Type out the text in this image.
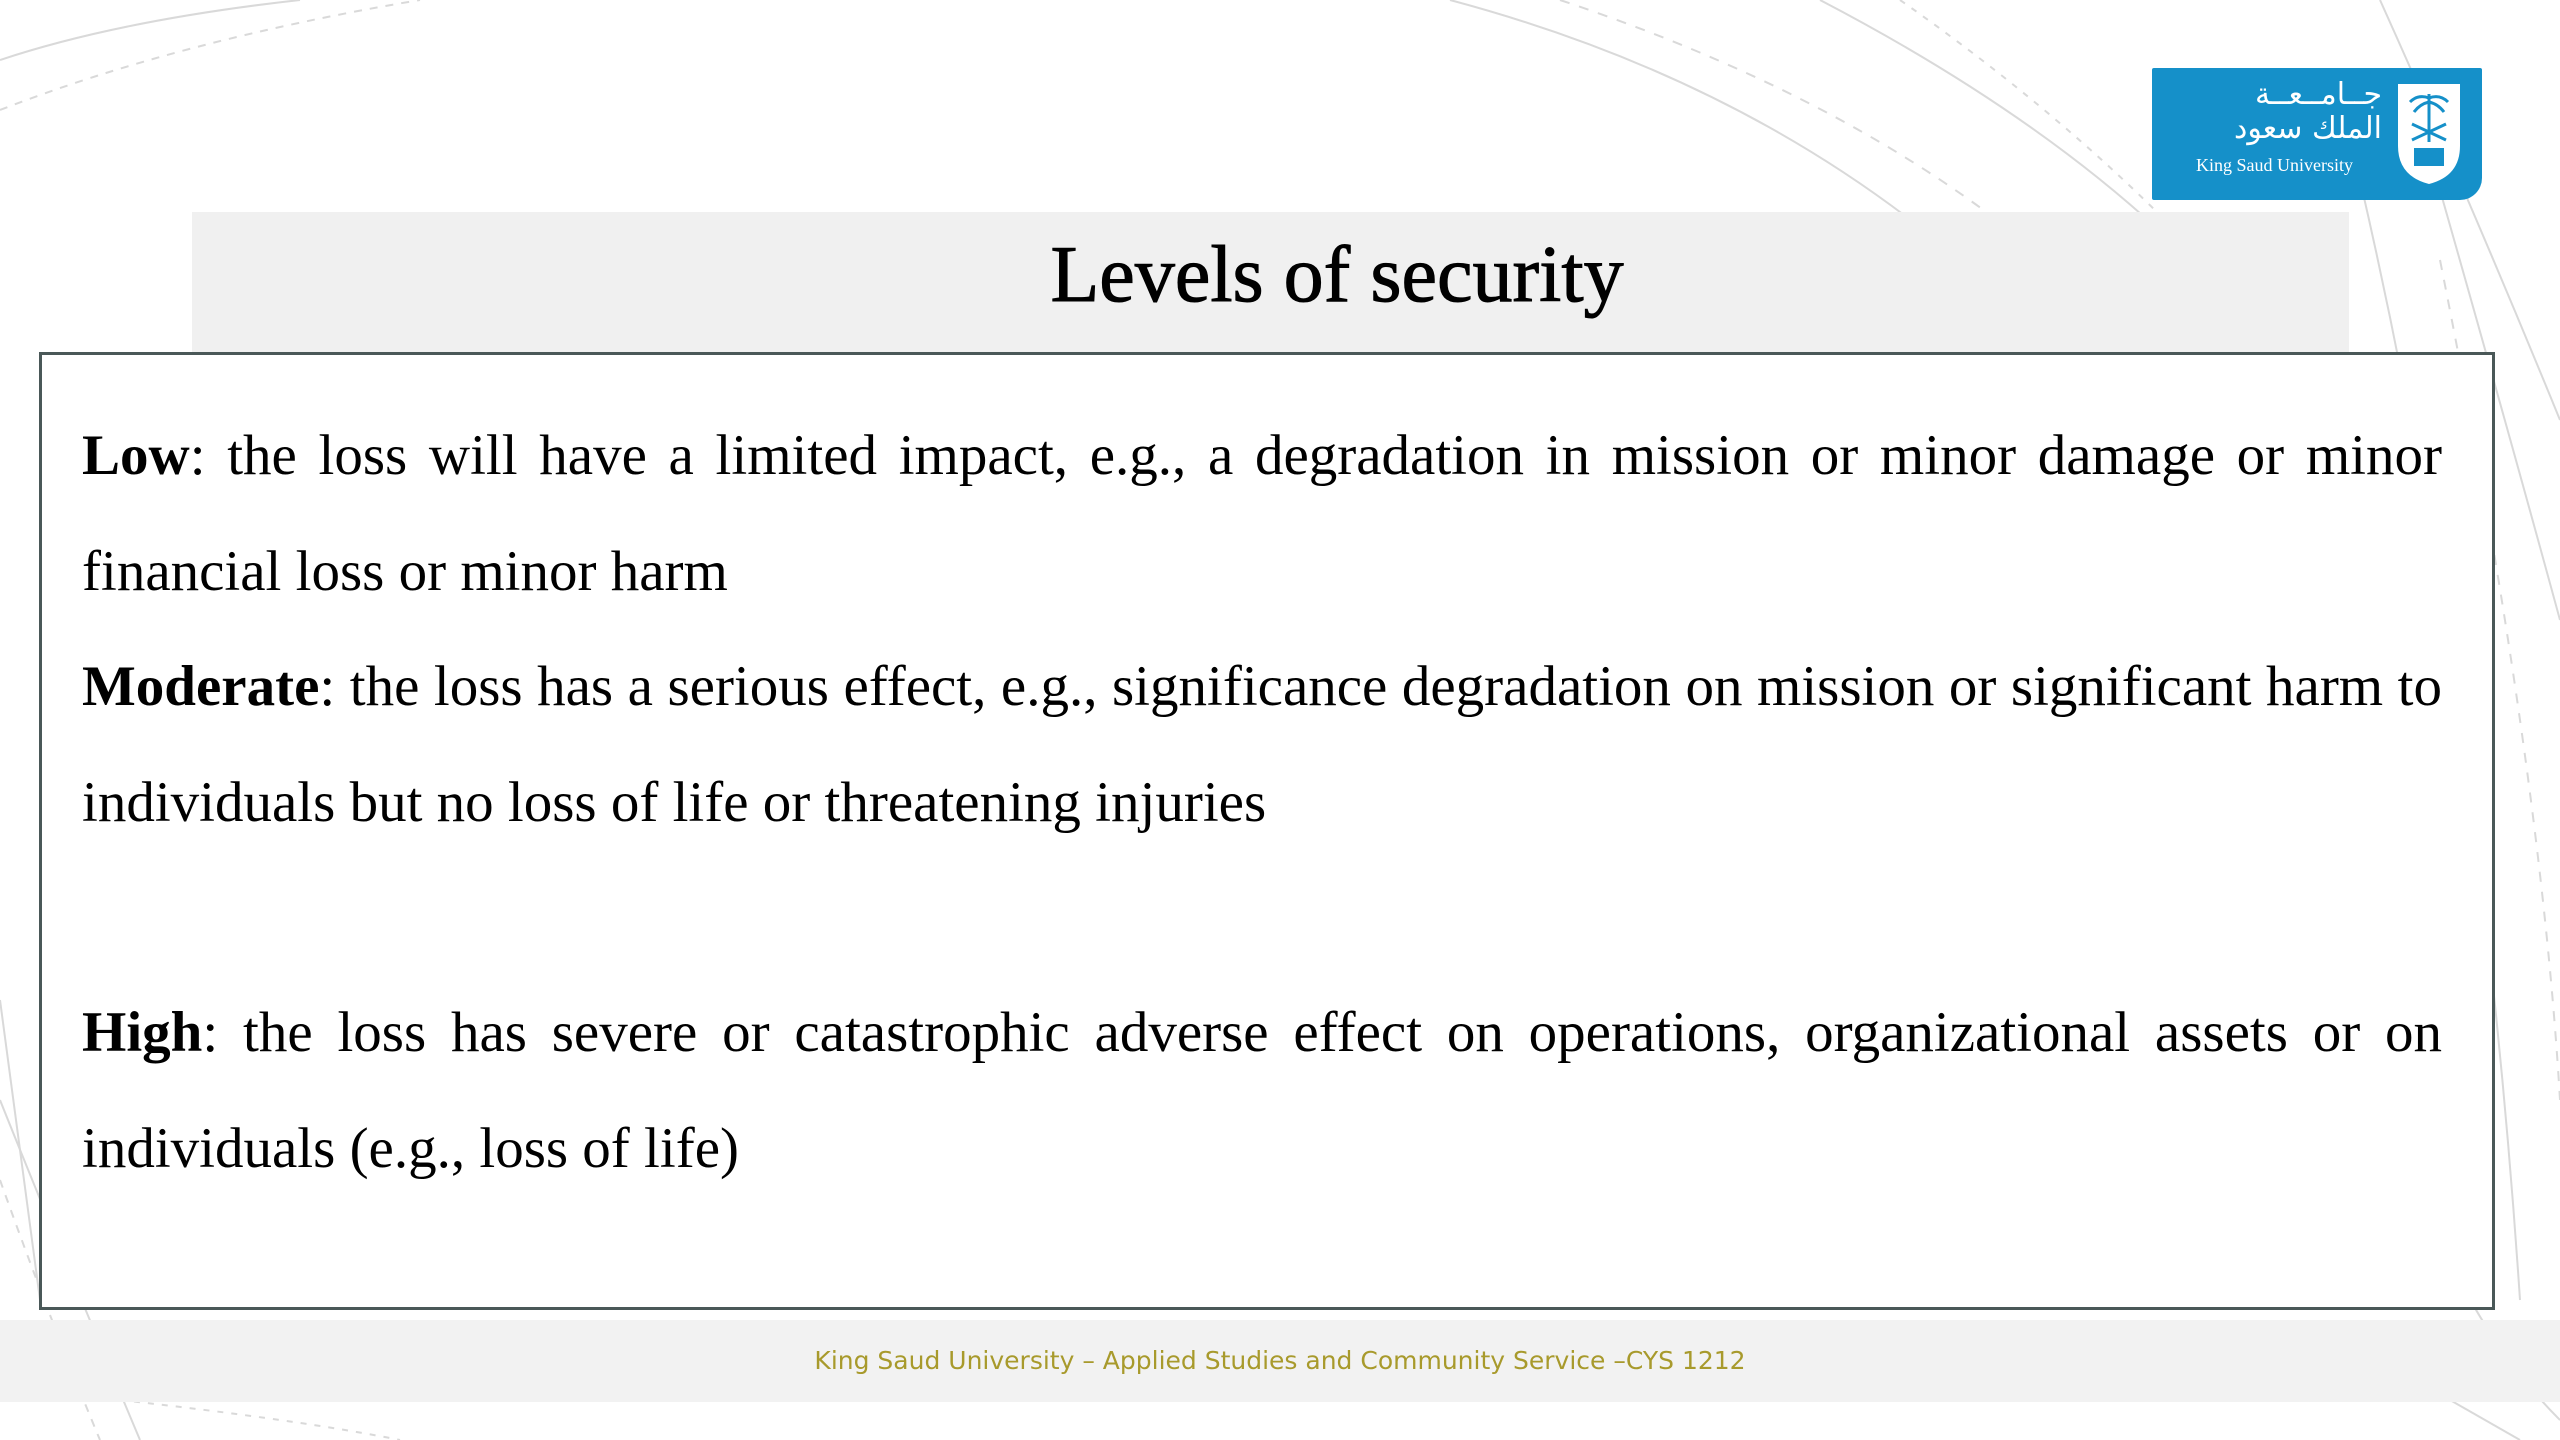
جــامــعــة
الملك سعود
King Saud University
Levels of security

Low: the loss will have a limited impact, e.g., a degradation in mission or minor damage or minor financial loss or minor harm

Moderate: the loss has a serious effect, e.g., significance degradation on mission or significant harm to individuals but no loss of life or threatening injuries

High: the loss has severe or catastrophic adverse effect on operations, organizational assets or on individuals (e.g., loss of life)

King Saud University – Applied Studies and Community Service –CYS 1212
